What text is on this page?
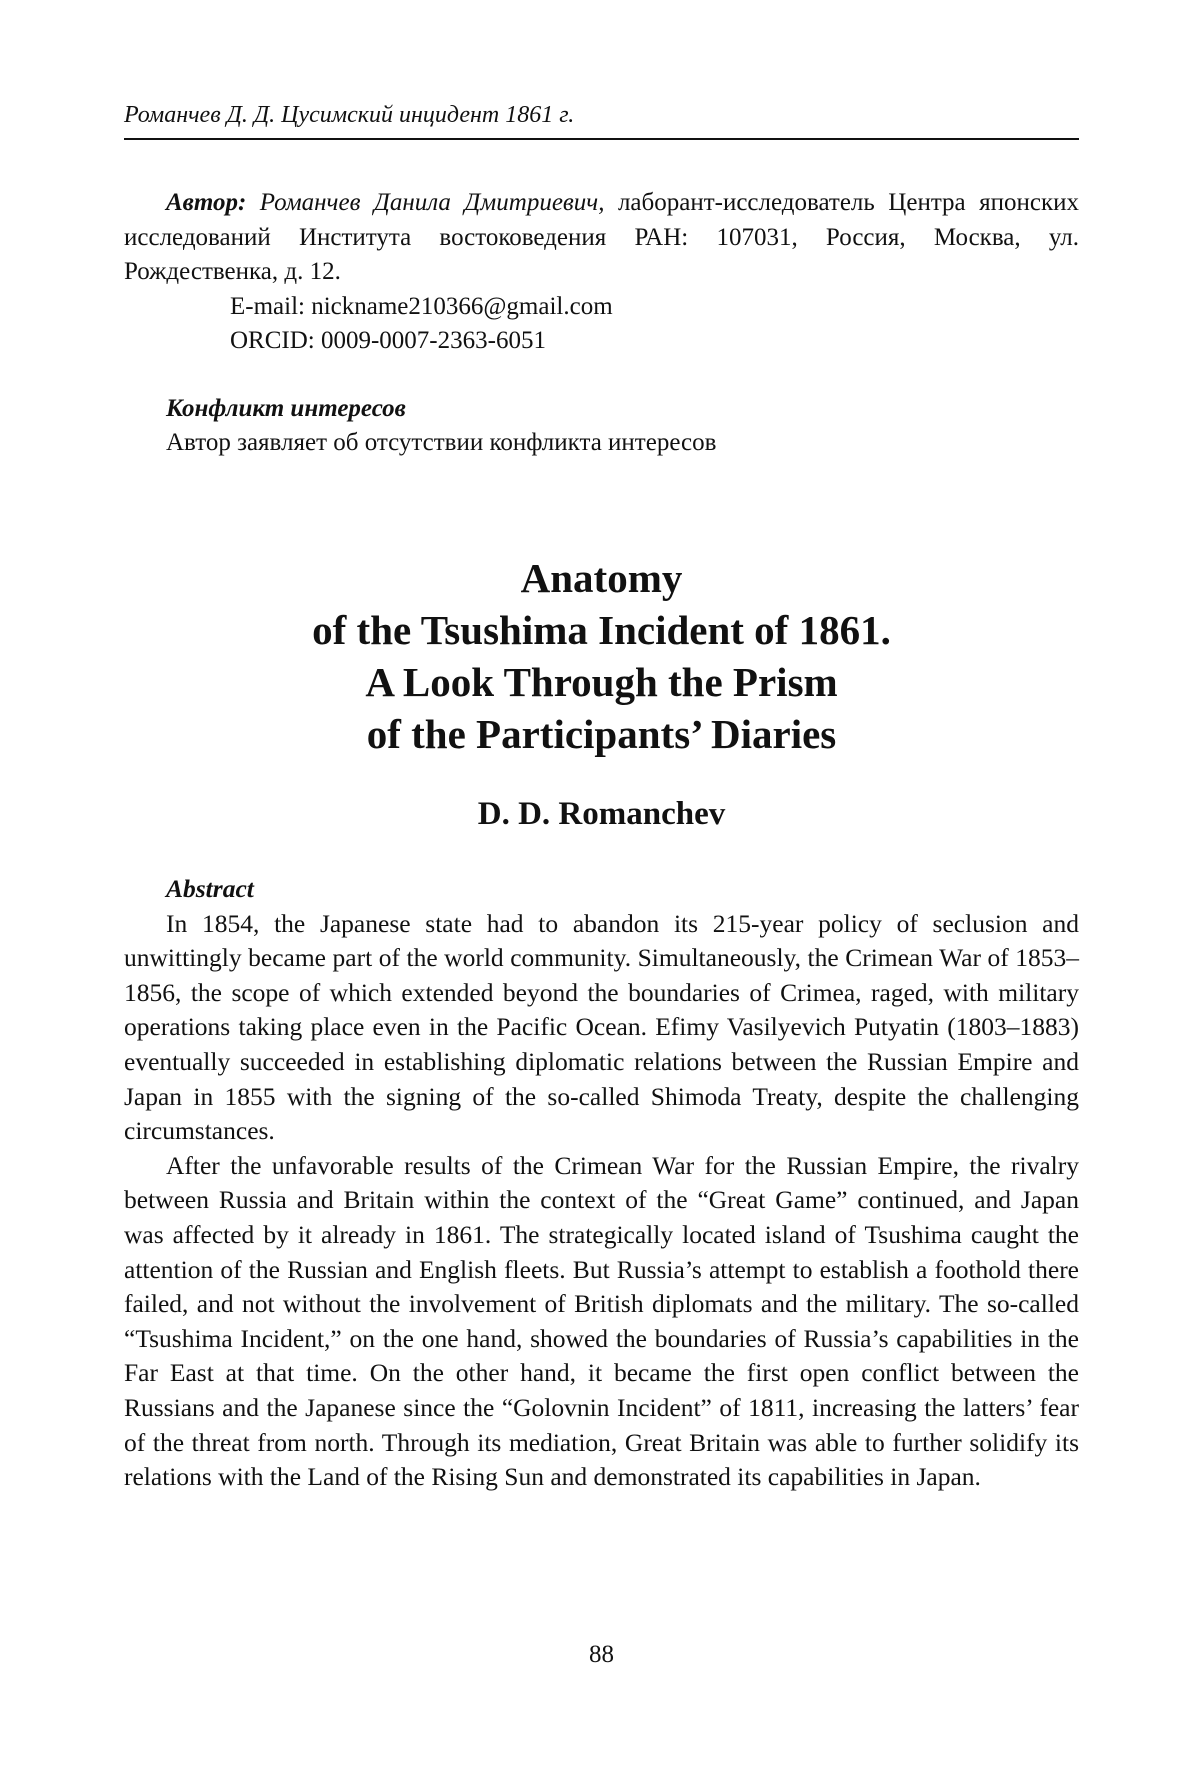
Романчев Д. Д. Цусимский инцидент 1861 г.

Автор: Романчев Данила Дмитриевич, лаборант-исследователь Центра японских исследований Института востоковедения РАН: 107031, Россия, Москва, ул. Рождественка, д. 12.

E-mail: nickname210366@gmail.com

ORCID: 0009-0007-2363-6051

Конфликт интересов

Автор заявляет об отсутствии конфликта интересов

Anatomy
of the Tsushima Incident of 1861.
A Look Through the Prism
of the Participants’ Diaries
D. D. Romanchev

Abstract

In 1854, the Japanese state had to abandon its 215-year policy of seclusion and unwittingly became part of the world community. Simultaneously, the Crimean War of 1853–1856, the scope of which extended beyond the boundaries of Crimea, raged, with military operations taking place even in the Pacific Ocean. Efimy Vasilyevich Putyatin (1803–1883) eventually succeeded in establishing diplomatic relations between the Russian Empire and Japan in 1855 with the signing of the so-called Shimoda Treaty, despite the challenging circumstances.

After the unfavorable results of the Crimean War for the Russian Empire, the rivalry between Russia and Britain within the context of the “Great Game” continued, and Japan was affected by it already in 1861. The strategically located island of Tsushima caught the attention of the Russian and English fleets. But Russia’s attempt to establish a foothold there failed, and not without the involvement of British diplomats and the military. The so-called “Tsushima Incident,” on the one hand, showed the boundaries of Russia’s capabilities in the Far East at that time. On the other hand, it became the first open conflict between the Russians and the Japanese since the “Golovnin Incident” of 1811, increasing the latters’ fear of the threat from north. Through its mediation, Great Britain was able to further solidify its relations with the Land of the Rising Sun and demonstrated its capabilities in Japan.

88
